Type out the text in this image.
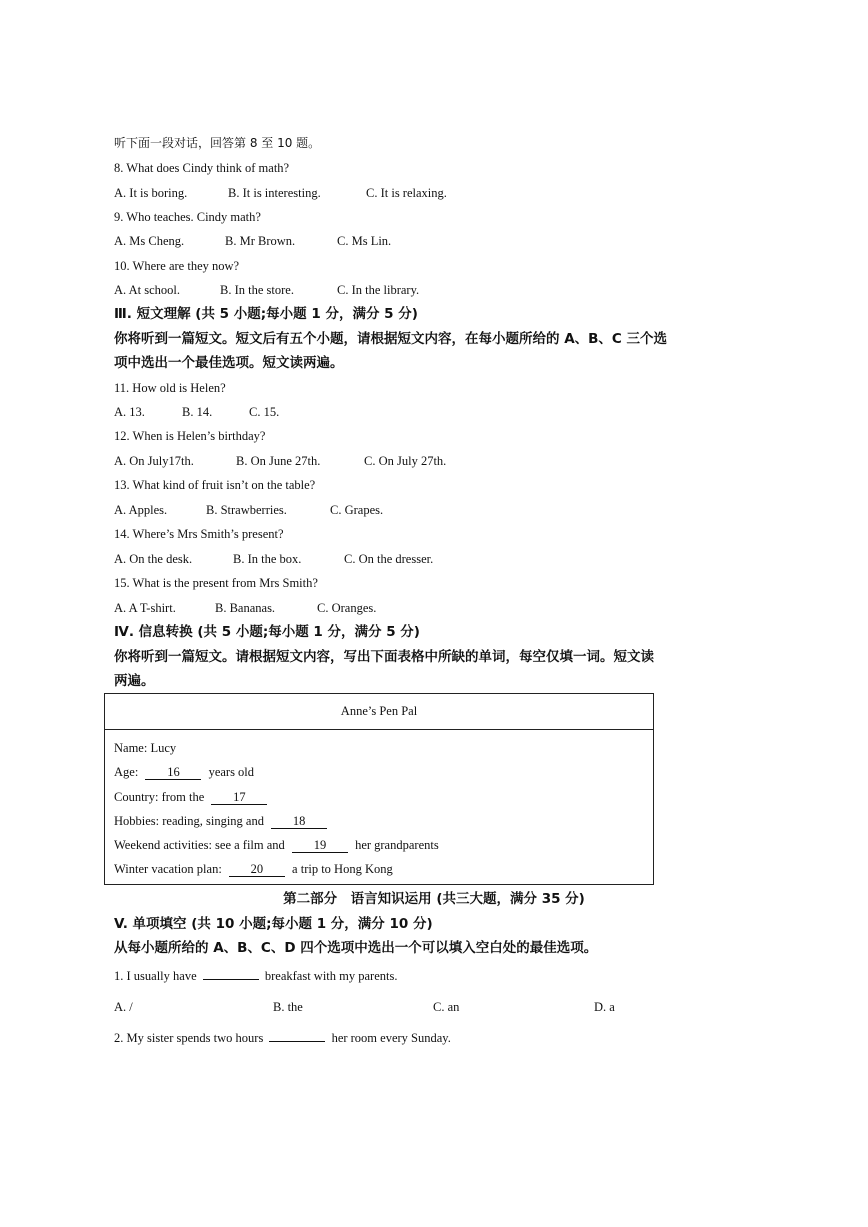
听下面一段对话，回答第 8 至 10 题。
8. What does Cindy think of math?
A. It is boring.	B. It is interesting.	C. It is relaxing.
9. Who teaches. Cindy math?
A. Ms Cheng.	B. Mr Brown.	C. Ms Lin.
10. Where are they now?
A. At school.	B. In the store.	C. In the library.
Ⅲ. 短文理解 (共 5 小题;每小题 1 分，满分 5 分)
你将听到一篇短文。短文后有五个小题，请根据短文内容，在每小题所给的 A、B、C 三个选
项中选出一个最佳选项。短文读两遍。
11. How old is Helen?
A. 13.	B. 14.	C. 15.
12. When is Helen’s birthday?
A. On July17th.	B. On June 27th.	C. On July 27th.
13. What kind of fruit isn’t on the table?
A. Apples.	B. Strawberries.	C. Grapes.
14. Where’s Mrs Smith’s present?
A. On the desk.	B. In the box.	C. On the dresser.
15. What is the present from Mrs Smith?
A. A T-shirt.	B. Bananas.	C. Oranges.
Ⅳ. 信息转换 (共 5 小题;每小题 1 分，满分 5 分)
你将听到一篇短文。请根据短文内容，写出下面表格中所缺的单词，每空仅填一词。短文读
两遍。
Anne’s Pen Pal
Name: Lucy
Age: 16 years old
Country: from the 17
Hobbies: reading, singing and 18
Weekend activities: see a film and 19 her grandparents
Winter vacation plan: 20 a trip to Hong Kong
第二部分　语言知识运用 (共三大题，满分 35 分)
V. 单项填空 (共 10 小题;每小题 1 分，满分 10 分)
从每小题所给的 A、B、C、D 四个选项中选出一个可以填入空白处的最佳选项。
1. I usually have	breakfast with my parents.
A. /	B. the	C. an	D. a
2. My sister spends two hours	her room every Sunday.
